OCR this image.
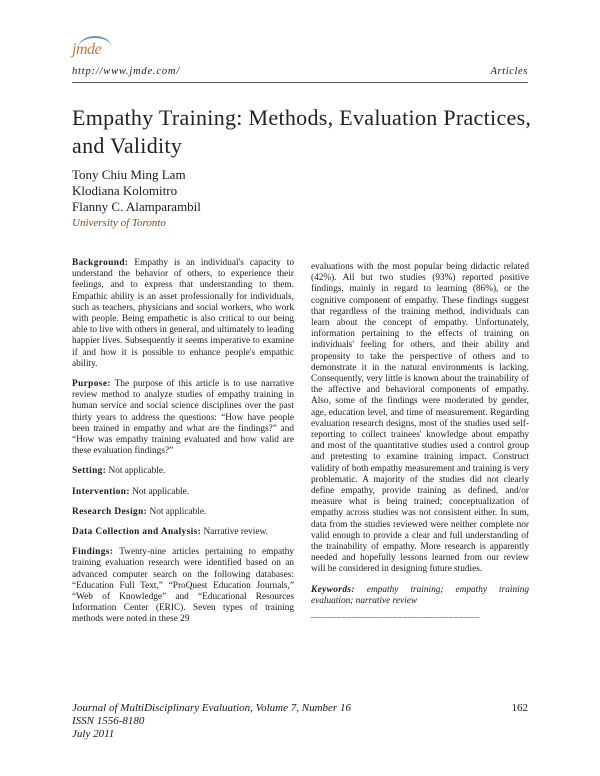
jmde
http://www.jmde.com/	Articles
Empathy Training: Methods, Evaluation Practices, and Validity
Tony Chiu Ming Lam
Klodiana Kolomitro
Flanny C. Alamparambil
University of Toronto

Background: Empathy is an individual's capacity to understand the behavior of others, to experience their feelings, and to express that understanding to them. Empathic ability is an asset professionally for individuals, such as teachers, physicians and social workers, who work with people. Being empathetic is also critical to our being able to live with others in general, and ultimately to leading happier lives. Subsequently it seems imperative to examine if and how it is possible to enhance people's empathic ability.

Purpose: The purpose of this article is to use narrative review method to analyze studies of empathy training in human service and social science disciplines over the past thirty years to address the questions: “How have people been trained in empathy and what are the findings?” and “How was empathy training evaluated and how valid are these evaluation findings?”

Setting: Not applicable.

Intervention: Not applicable.

Research Design: Not applicable.

Data Collection and Analysis: Narrative review.

Findings: Twenty-nine articles pertaining to empathy training evaluation research were identified based on an advanced computer search on the following databases: “Education Full Text,” “ProQuest Education Journals,” “Web of Knowledge” and “Educational Resources Information Center (ERIC). Seven types of training methods were noted in these 29

evaluations with the most popular being didactic related (42%). All but two studies (93%) reported positive findings, mainly in regard to learning (86%), or the cognitive component of empathy. These findings suggest that regardless of the training method, individuals can learn about the concept of empathy. Unfortunately, information pertaining to the effects of training on individuals' feeling for others, and their ability and propensity to take the perspective of others and to demonstrate it in the natural environments is lacking. Consequently, very little is known about the trainability of the affective and behavioral components of empathy. Also, some of the findings were moderated by gender, age, education level, and time of measurement. Regarding evaluation research designs, most of the studies used self-reporting to collect trainees' knowledge about empathy and most of the quantitative studies used a control group and pretesting to examine training impact. Construct validity of both empathy measurement and training is very problematic. A majority of the studies did not clearly define empathy, provide training as defined, and/or measure what is being trained; conceptualization of empathy across studies was not consistent either. In sum, data from the studies reviewed were neither complete nor valid enough to provide a clear and full understanding of the trainability of empathy. More research is apparently needed and hopefully lessons learned from our review will be considered in designing future studies.

Keywords: empathy training; empathy training evaluation; narrative review

_________________________________
Journal of MultiDisciplinary Evaluation, Volume 7, Number 16
ISSN 1556-8180
July 2011
162
